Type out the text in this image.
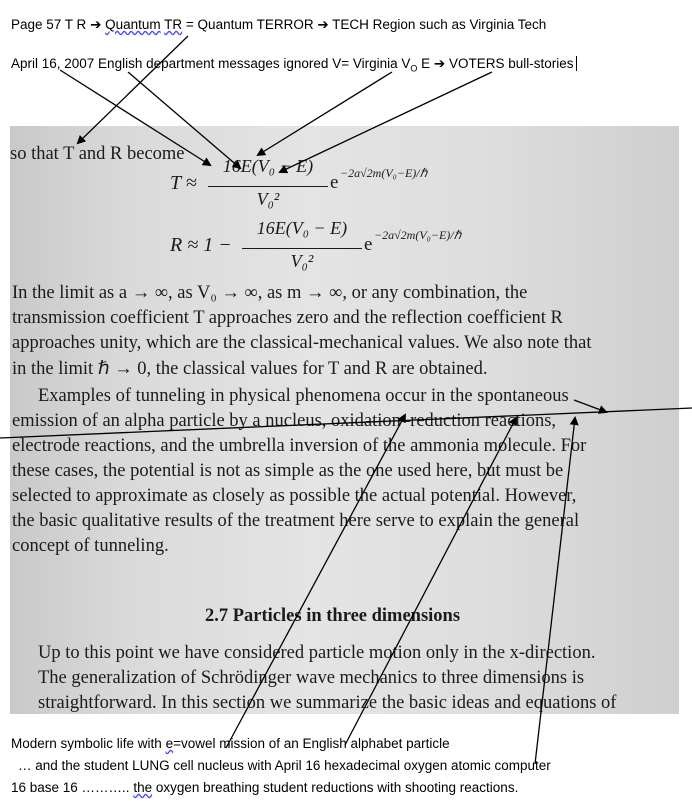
Page 57 T R ➔ Quantum TR = Quantum TERROR ➔ TECH Region such as Virginia Tech
April 16, 2007 English department messages ignored V= Virginia $V_O$ E ➔ VOTERS bull-stories
so that T and R become
T ≈
16E(V₀ − E)
V₀²
e −2a√2m(V₀−E)/ℏ
R ≈ 1 −
16E(V₀ − E)
V₀²
e −2a√2m(V₀−E)/ℏ
In the limit as a → ∞, as V₀ → ∞, as m → ∞, or any combination, the
transmission coefficient T approaches zero and the reflection coefficient R
approaches unity, which are the classical-mechanical values. We also note that
in the limit ℏ → 0, the classical values for T and R are obtained.
Examples of tunneling in physical phenomena occur in the spontaneous
emission of an alpha particle by a nucleus, oxidation–reduction reactions,
electrode reactions, and the umbrella inversion of the ammonia molecule. For
these cases, the potential is not as simple as the one used here, but must be
selected to approximate as closely as possible the actual potential. However,
the basic qualitative results of the treatment here serve to explain the general
concept of tunneling.
2.7 Particles in three dimensions
Up to this point we have considered particle motion only in the x-direction.
The generalization of Schrödinger wave mechanics to three dimensions is
straightforward. In this section we summarize the basic ideas and equations of
Modern symbolic life with e=vowel mission of an English alphabet particle
… and the student LUNG cell nucleus with April 16 hexadecimal oxygen atomic computer
16 base 16 ……….. the oxygen breathing student reductions with shooting reactions.
